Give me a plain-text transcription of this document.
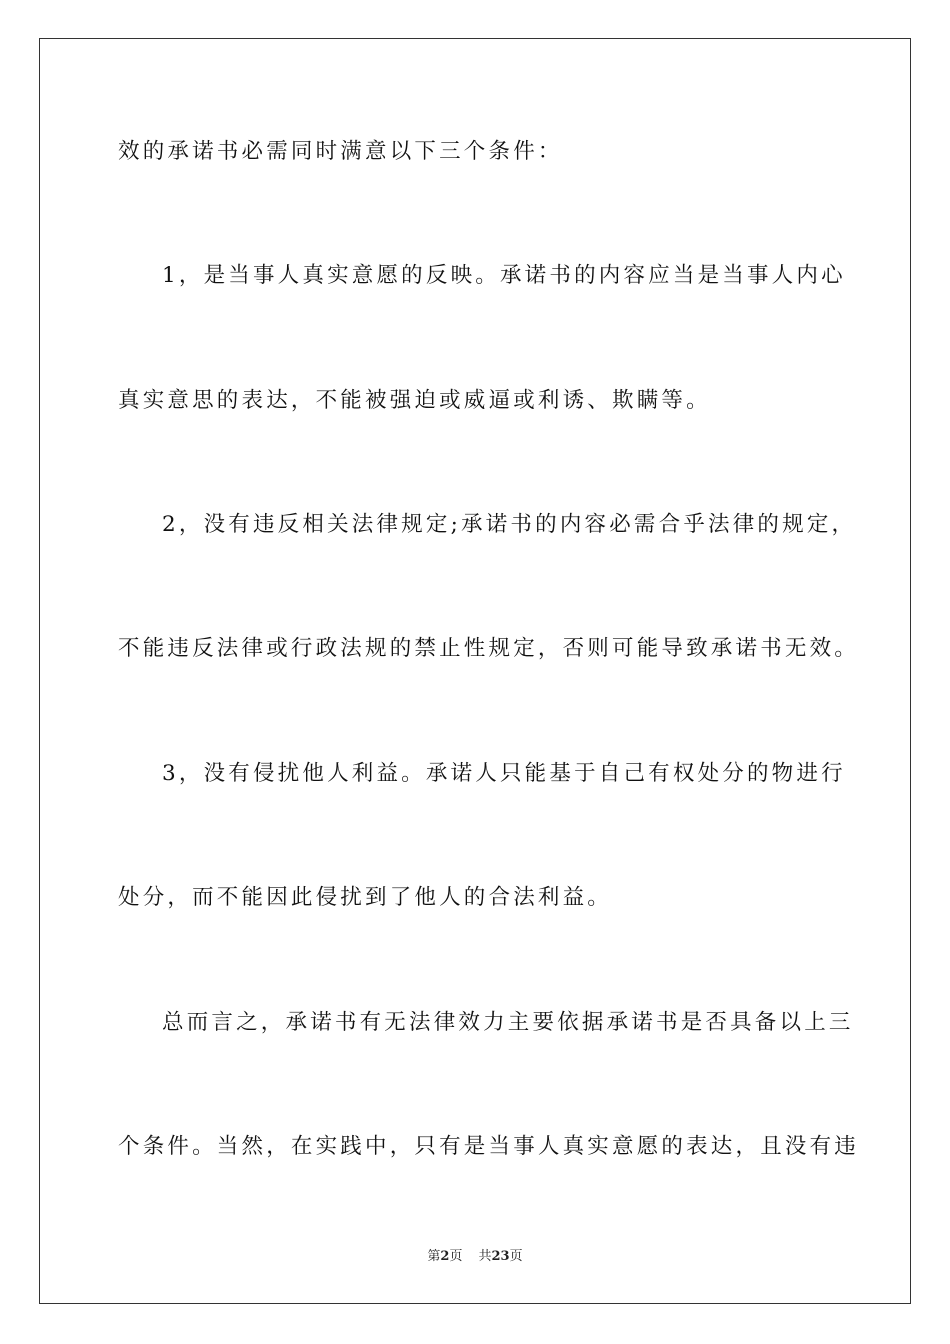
效的承诺书必需同时满意以下三个条件：
1，是当事人真实意愿的反映。承诺书的内容应当是当事人内心
真实意思的表达，不能被强迫或威逼或利诱、欺瞒等。
2，没有违反相关法律规定;承诺书的内容必需合乎法律的规定，
不能违反法律或行政法规的禁止性规定，否则可能导致承诺书无效。
3，没有侵扰他人利益。承诺人只能基于自己有权处分的物进行
处分，而不能因此侵扰到了他人的合法利益。
总而言之，承诺书有无法律效力主要依据承诺书是否具备以上三
个条件。当然，在实践中，只有是当事人真实意愿的表达，且没有违
第2页 共23页
